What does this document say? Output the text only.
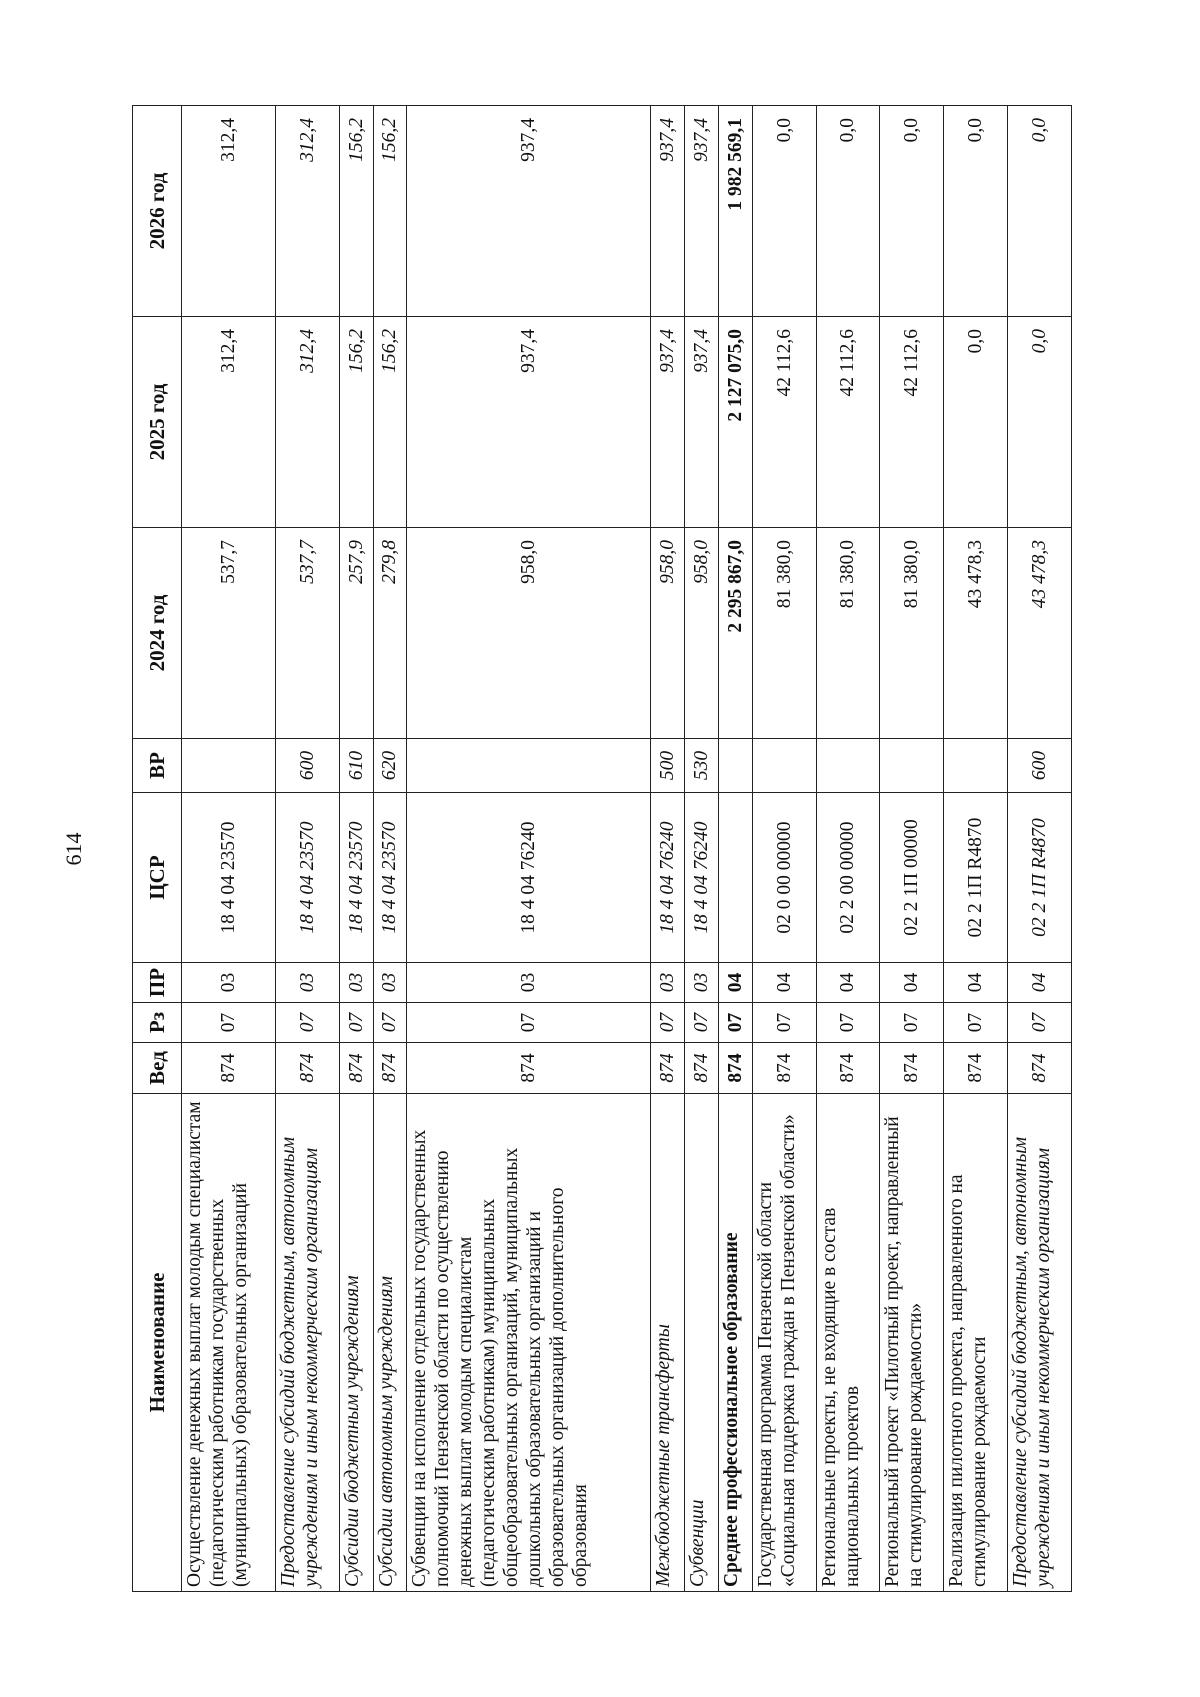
614
Наименование	Вед	Рз	ПР	ЦСР	ВР	2024 год	2025 год	2026 год
Осуществление денежных выплат молодым специалистам (педагогическим работникам государственных (муниципальных) образовательных организаций	874	07	03	18 4 04 23570		537,7	312,4	312,4
Предоставление субсидий бюджетным, автономным учреждениям и иным некоммерческим организациям	874	07	03	18 4 04 23570	600	537,7	312,4	312,4
Субсидии бюджетным учреждениям	874	07	03	18 4 04 23570	610	257,9	156,2	156,2
Субсидии автономным учреждениям	874	07	03	18 4 04 23570	620	279,8	156,2	156,2
Субвенции на исполнение отдельных государственных полномочий Пензенской области по осуществлению денежных выплат молодым специалистам (педагогическим работникам) муниципальных общеобразовательных организаций, муниципальных дошкольных образовательных организаций и образовательных организаций дополнительного образования	874	07	03	18 4 04 76240		958,0	937,4	937,4
Межбюджетные трансферты	874	07	03	18 4 04 76240	500	958,0	937,4	937,4
Субвенции	874	07	03	18 4 04 76240	530	958,0	937,4	937,4
Среднее профессиональное образование	874	07	04			2 295 867,0	2 127 075,0	1 982 569,1
Государственная программа Пензенской области «Социальная поддержка граждан в Пензенской области»	874	07	04	02 0 00 00000		81 380,0	42 112,6	0,0
Региональные проекты, не входящие в состав национальных проектов	874	07	04	02 2 00 00000		81 380,0	42 112,6	0,0
Региональный проект «Пилотный проект, направленный на стимулирование рождаемости»	874	07	04	02 2 1П 00000		81 380,0	42 112,6	0,0
Реализация пилотного проекта, направленного на стимулирование рождаемости	874	07	04	02 2 1П R4870		43 478,3	0,0	0,0
Предоставление субсидий бюджетным, автономным учреждениям и иным некоммерческим организациям	874	07	04	02 2 1П R4870	600	43 478,3	0,0	0,0
